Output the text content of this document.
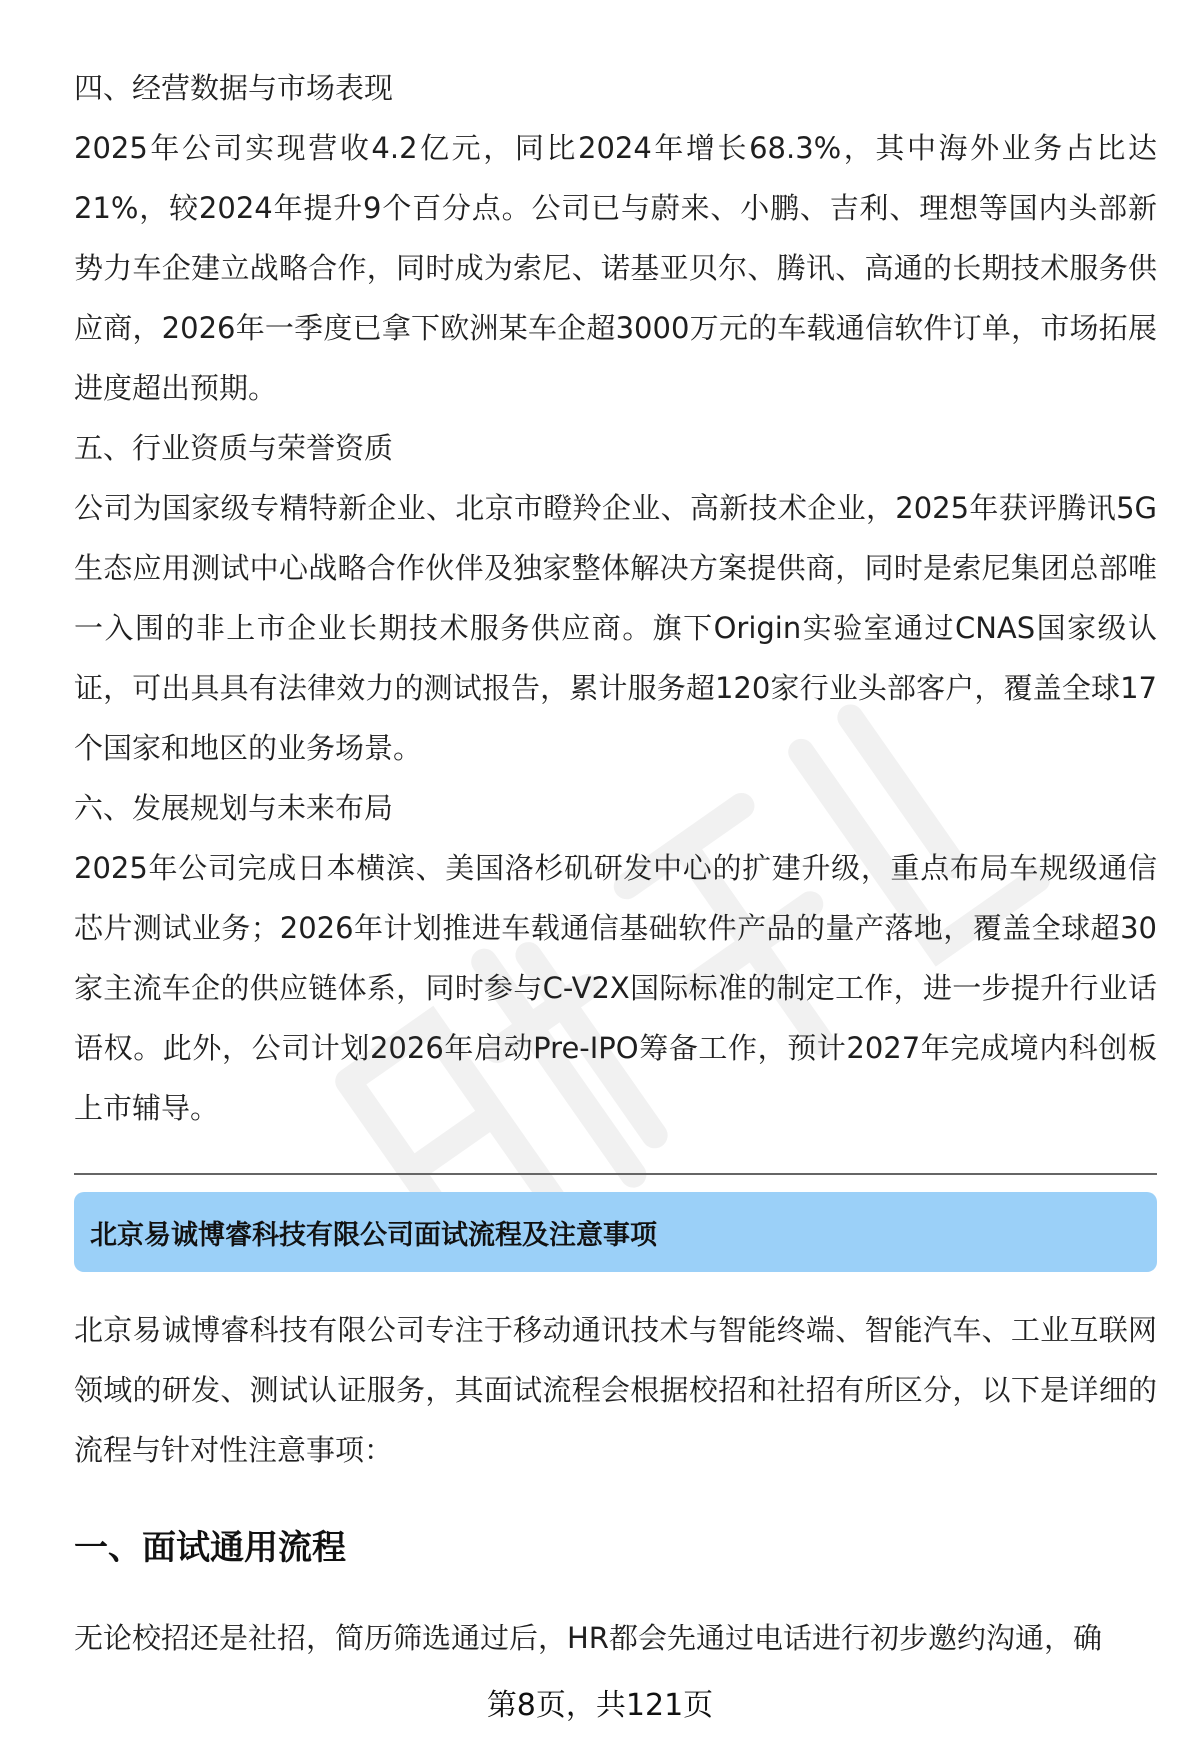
四、经营数据与市场表现

2025年公司实现营收4.2亿元，同比2024年增长68.3%，其中海外业务占比达21%，较2024年提升9个百分点。公司已与蔚来、小鹏、吉利、理想等国内头部新势力车企建立战略合作，同时成为索尼、诺基亚贝尔、腾讯、高通的长期技术服务供应商，2026年一季度已拿下欧洲某车企超3000万元的车载通信软件订单，市场拓展进度超出预期。

五、行业资质与荣誉资质

公司为国家级专精特新企业、北京市瞪羚企业、高新技术企业，2025年获评腾讯5G生态应用测试中心战略合作伙伴及独家整体解决方案提供商，同时是索尼集团总部唯一入围的非上市企业长期技术服务供应商。旗下Origin实验室通过CNAS国家级认证，可出具具有法律效力的测试报告，累计服务超120家行业头部客户，覆盖全球17个国家和地区的业务场景。

六、发展规划与未来布局

2025年公司完成日本横滨、美国洛杉矶研发中心的扩建升级，重点布局车规级通信芯片测试业务；2026年计划推进车载通信基础软件产品的量产落地，覆盖全球超30家主流车企的供应链体系，同时参与C-V2X国际标准的制定工作，进一步提升行业话语权。此外，公司计划2026年启动Pre-IPO筹备工作，预计2027年完成境内科创板上市辅导。

北京易诚博睿科技有限公司面试流程及注意事项

北京易诚博睿科技有限公司专注于移动通讯技术与智能终端、智能汽车、工业互联网领域的研发、测试认证服务，其面试流程会根据校招和社招有所区分，以下是详细的流程与针对性注意事项：

一、面试通用流程

无论校招还是社招，简历筛选通过后，HR都会先通过电话进行初步邀约沟通，确

第8页，共121页
